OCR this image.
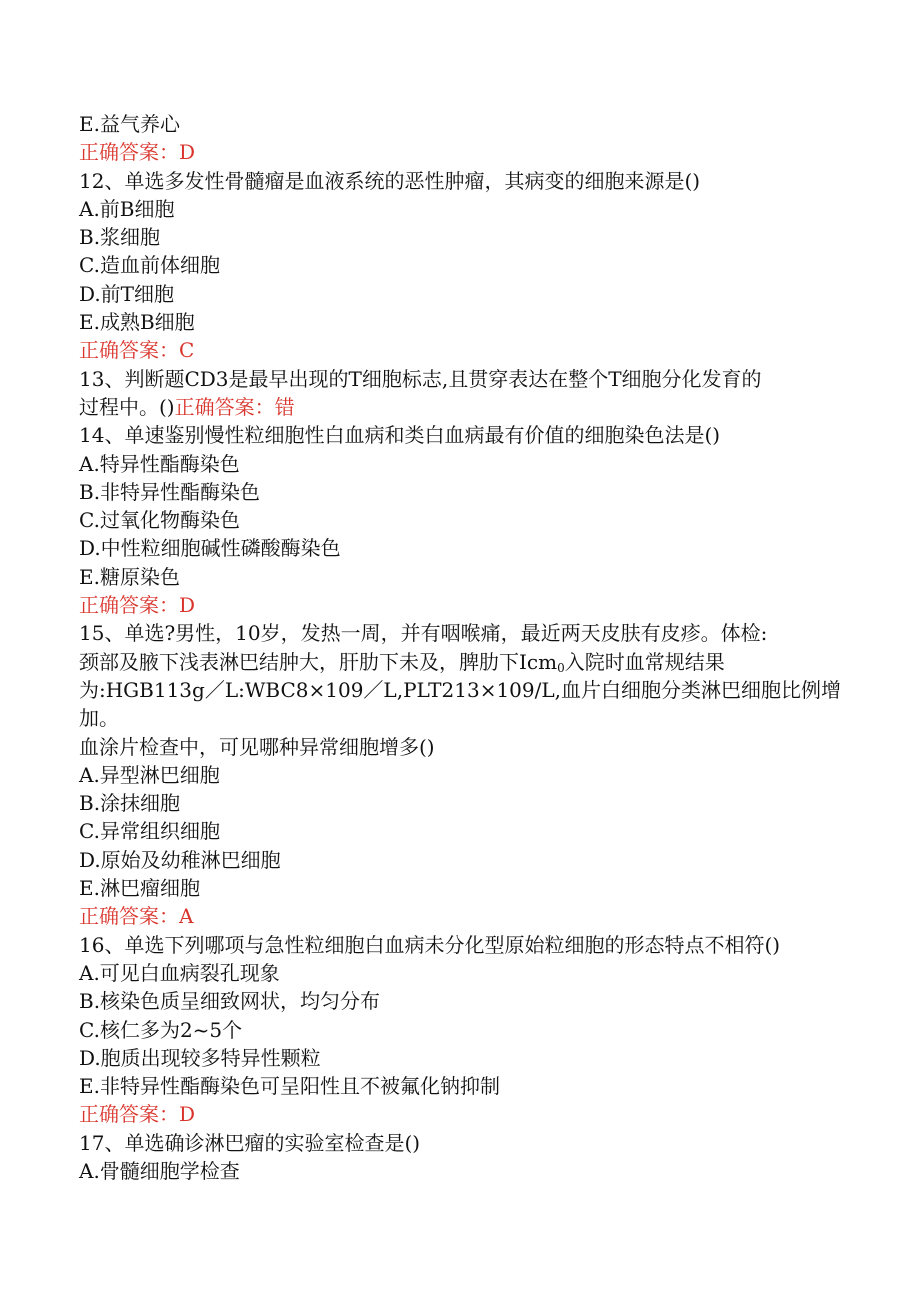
E.益气养心
正确答案：D
12、单选多发性骨髓瘤是血液系统的恶性肿瘤，其病变的细胞来源是()
A.前B细胞
B.浆细胞
C.造血前体细胞
D.前T细胞
E.成熟B细胞
正确答案：C
13、判断题CD3是最早出现的T细胞标志,且贯穿表达在整个T细胞分化发育的
过程中。()正确答案：错
14、单速鉴别慢性粒细胞性白血病和类白血病最有价值的细胞染色法是()
A.特异性酯酶染色
B.非特异性酯酶染色
C.过氧化物酶染色
D.中性粒细胞碱性磷酸酶染色
E.糖原染色
正确答案：D
15、单选?男性，10岁，发热一周，并有咽喉痛，最近两天皮肤有皮疹。体检:
颈部及腋下浅表淋巴结肿大，肝肋下未及，脾肋下Icm$_0$入院时血常规结果
为:HGB113g／L:WBC8×109／L,PLT213×109/L,血片白细胞分类淋巴细胞比例增
加。
血涂片检查中，可见哪种异常细胞增多()
A.异型淋巴细胞
B.涂抹细胞
C.异常组织细胞
D.原始及幼稚淋巴细胞
E.淋巴瘤细胞
正确答案：A
16、单选下列哪项与急性粒细胞白血病未分化型原始粒细胞的形态特点不相符()
A.可见白血病裂孔现象
B.核染色质呈细致网状，均匀分布
C.核仁多为2~5个
D.胞质出现较多特异性颗粒
E.非特异性酯酶染色可呈阳性且不被氟化钠抑制
正确答案：D
17、单选确诊淋巴瘤的实验室检查是()
A.骨髓细胞学检查
